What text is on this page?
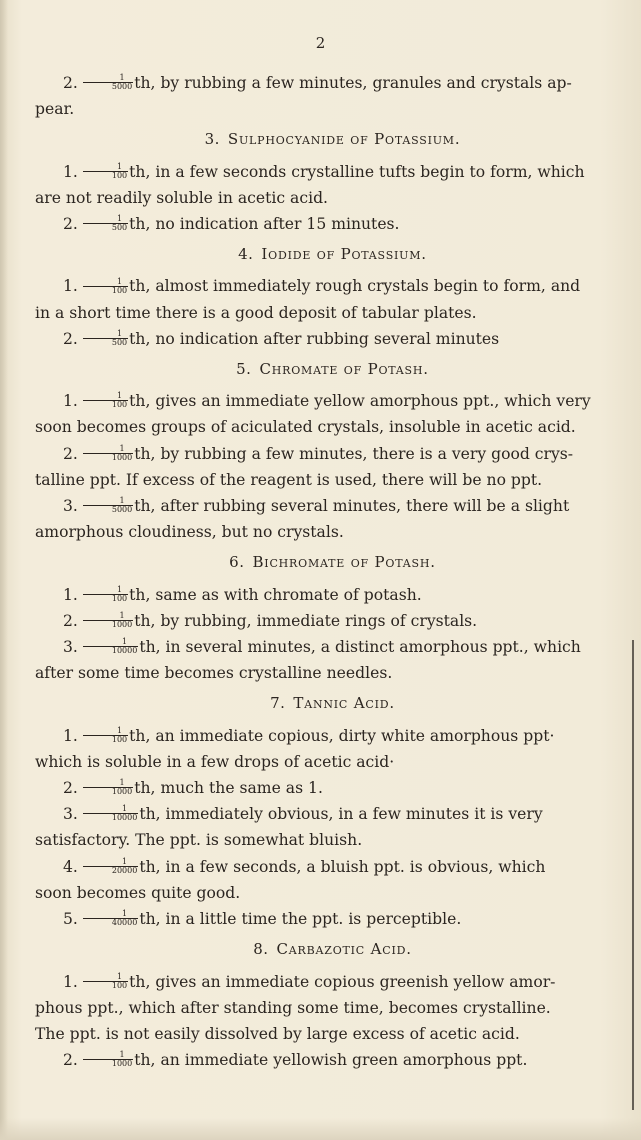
2
2. $\frac{1}{5000}$ th, by rubbing a few minutes, granules and crystals ap-
pear.
3. Sulphocyanide of Potassium.
1. $\frac{1}{100}$ th, in a few seconds crystalline tufts begin to form, which
are not readily soluble in acetic acid.
2. $\frac{1}{500}$ th, no indication after 15 minutes.
4. Iodide of Potassium.
1. $\frac{1}{100}$ th, almost immediately rough crystals begin to form, and
in a short time there is a good deposit of tabular plates.
2. $\frac{1}{500}$ th, no indication after rubbing several minutes
5. Chromate of Potash.
1. $\frac{1}{100}$ th, gives an immediate yellow amorphous ppt., which very
soon becomes groups of aciculated crystals, insoluble in acetic acid.
2. $\frac{1}{1000}$ th, by rubbing a few minutes, there is a very good crys-
talline ppt. If excess of the reagent is used, there will be no ppt.
3. $\frac{1}{5000}$ th, after rubbing several minutes, there will be a slight
amorphous cloudiness, but no crystals.
6. Bichromate of Potash.
1. $\frac{1}{100}$ th, same as with chromate of potash.
2. $\frac{1}{1000}$ th, by rubbing, immediate rings of crystals.
3. $\frac{1}{10000}$ th, in several minutes, a distinct amorphous ppt., which
after some time becomes crystalline needles.
7. Tannic Acid.
1. $\frac{1}{100}$ th, an immediate copious, dirty white amorphous ppt·
which is soluble in a few drops of acetic acid·
2. $\frac{1}{1000}$ th, much the same as 1.
3. $\frac{1}{10000}$ th, immediately obvious, in a few minutes it is very
satisfactory. The ppt. is somewhat bluish.
4. $\frac{1}{20000}$ th, in a few seconds, a bluish ppt. is obvious, which
soon becomes quite good.
5. $\frac{1}{40000}$ th, in a little time the ppt. is perceptible.
8. Carbazotic Acid.
1. $\frac{1}{100}$ th, gives an immediate copious greenish yellow amor-
phous ppt., which after standing some time, becomes crystalline.
The ppt. is not easily dissolved by large excess of acetic acid.
2. $\frac{1}{1000}$ th, an immediate yellowish green amorphous ppt.
